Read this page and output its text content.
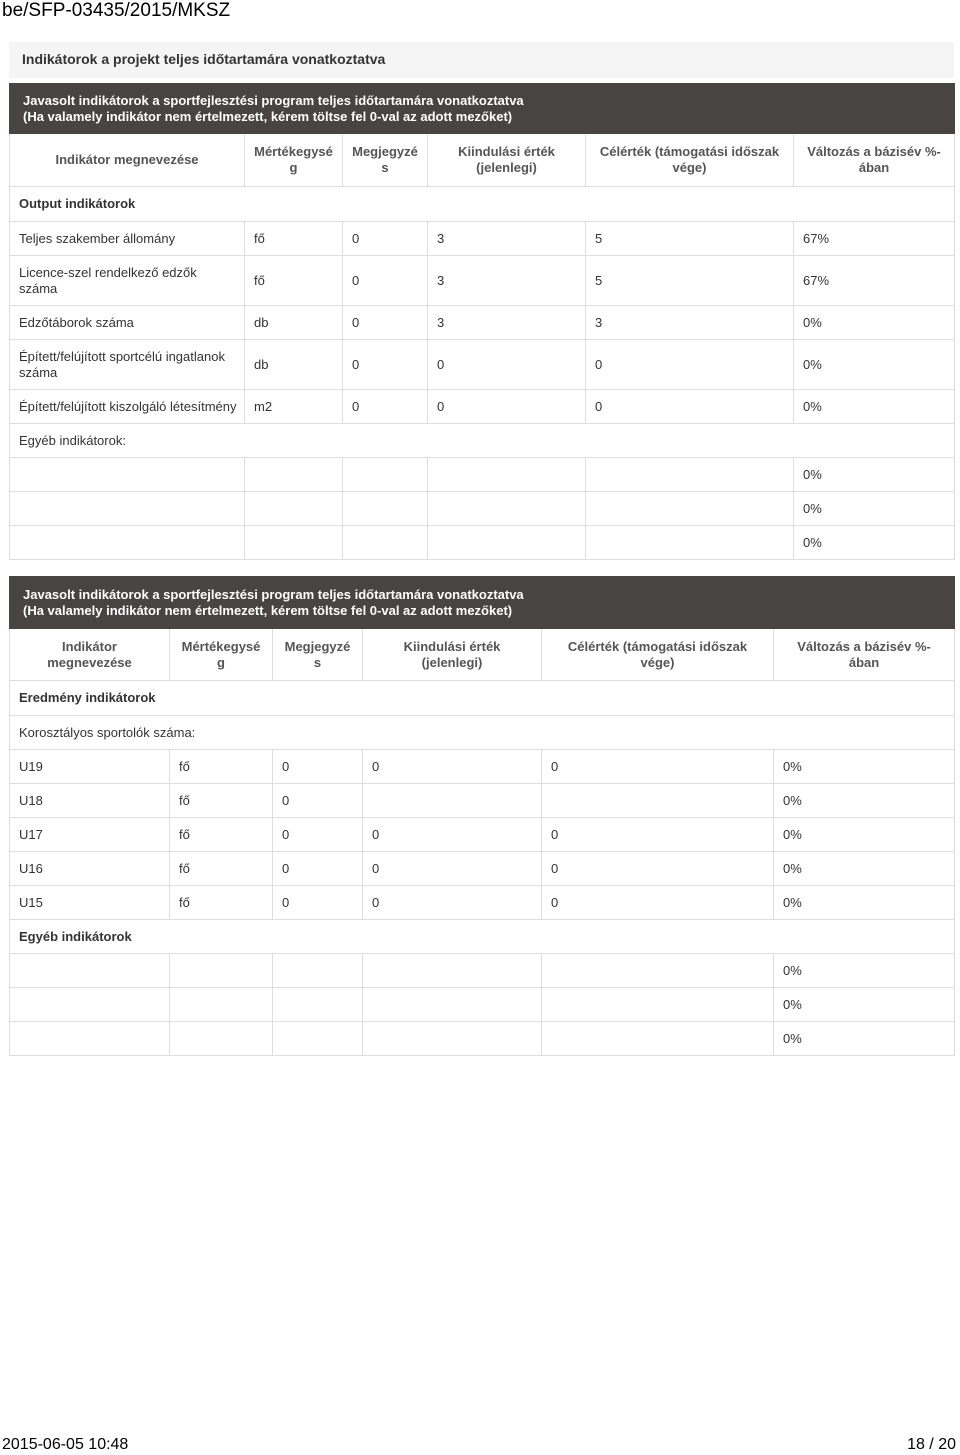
be/SFP-03435/2015/MKSZ
Indikátorok a projekt teljes időtartamára vonatkoztatva
Javasolt indikátorok a sportfejlesztési program teljes időtartamára vonatkoztatva
(Ha valamely indikátor nem értelmezett, kérem töltse fel 0-val az adott mezőket)					

Indikátor megnevezése	Mértékegysé g	Megjegyzé s	Kiindulási érték (jelenlegi)	Célérték (támogatási időszak vége)	Változás a bázisév %-ában
Output indikátorok					
Teljes szakember állomány	fő	0	3	5	67%
Licence-szel rendelkező edzők száma	fő	0	3	5	67%
Edzőtáborok száma	db	0	3	3	0%
Épített/felújított sportcélú ingatlanok száma	db	0	0	0	0%
Épített/felújított kiszolgáló létesítmény	m2	0	0	0	0%
Egyéb indikátorok:					
					0%
					0%
					0%
Javasolt indikátorok a sportfejlesztési program teljes időtartamára vonatkoztatva
(Ha valamely indikátor nem értelmezett, kérem töltse fel 0-val az adott mezőket)					

Indikátor megnevezése	Mértékegysé g	Megjegyzé s	Kiindulási érték (jelenlegi)	Célérték (támogatási időszak vége)	Változás a bázisév %-ában
Eredmény indikátorok					
Korosztályos sportolók száma:					
U19	fő	0	0	0	0%
U18	fő	0			0%
U17	fő	0	0	0	0%
U16	fő	0	0	0	0%
U15	fő	0	0	0	0%
Egyéb indikátorok					
					0%
					0%
					0%
2015-06-05 10:48	18 / 20
